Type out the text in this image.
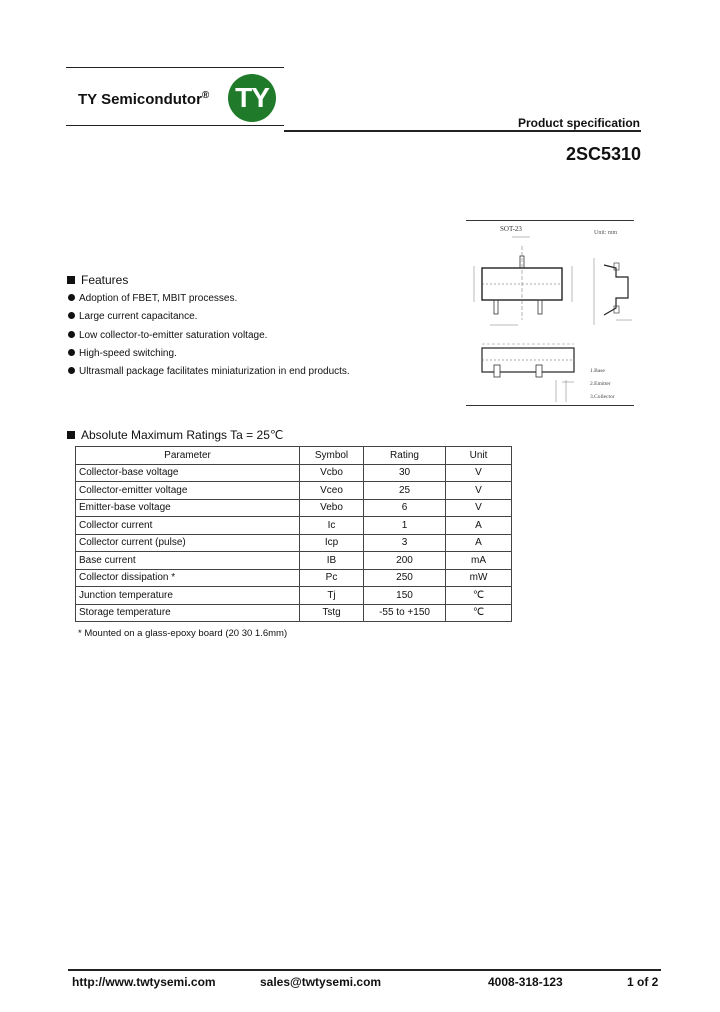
TY Semicondutor® TY
Product specification
2SC5310
SOT-23	Unit: mm
1.Base
2.Emitter
3.Collector
Features
Adoption of FBET, MBIT processes.
Large current capacitance.
Low collector-to-emitter saturation voltage.
High-speed switching.
Ultrasmall package facilitates miniaturization in end products.
Absolute Maximum Ratings Ta = 25℃
Parameter	Symbol	Rating	Unit
Collector-base voltage	Vcbo	30	V
Collector-emitter voltage	Vceo	25	V
Emitter-base voltage	Vebo	6	V
Collector current	Ic	1	A
Collector current (pulse)	Icp	3	A
Base current	IB	200	mA
Collector dissipation *	Pc	250	mW
Junction temperature	Tj	150	℃
Storage temperature	Tstg	-55 to +150	℃
* Mounted on a glass-epoxy board (20 30 1.6mm)
http://www.twtysemi.com	sales@twtysemi.com	4008-318-123	1 of 2
